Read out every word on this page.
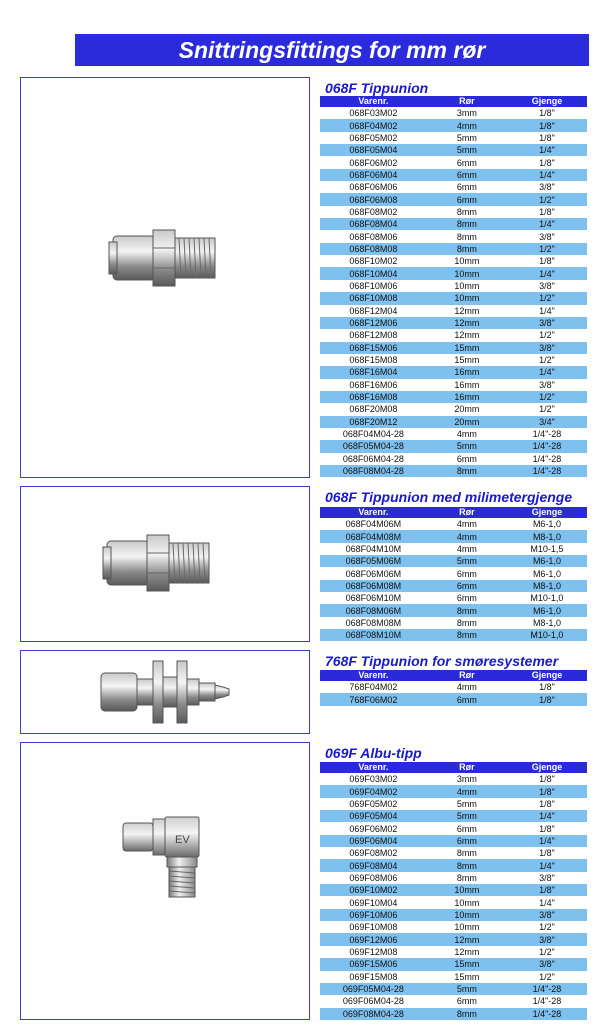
Snittringsfittings for mm rør
068F Tippunion
Varenr.	Rør	Gjenge
068F03M02	3mm	1/8"
068F04M02	4mm	1/8"
068F05M02	5mm	1/8"
068F05M04	5mm	1/4"
068F06M02	6mm	1/8"
068F06M04	6mm	1/4"
068F06M06	6mm	3/8"
068F06M08	6mm	1/2"
068F08M02	8mm	1/8"
068F08M04	8mm	1/4"
068F08M06	8mm	3/8"
068F08M08	8mm	1/2"
068F10M02	10mm	1/8"
068F10M04	10mm	1/4"
068F10M06	10mm	3/8"
068F10M08	10mm	1/2"
068F12M04	12mm	1/4"
068F12M06	12mm	3/8"
068F12M08	12mm	1/2"
068F15M06	15mm	3/8"
068F15M08	15mm	1/2"
068F16M04	16mm	1/4"
068F16M06	16mm	3/8"
068F16M08	16mm	1/2"
068F20M08	20mm	1/2"
068F20M12	20mm	3/4"
068F04M04-28	4mm	1/4"-28
068F05M04-28	5mm	1/4"-28
068F06M04-28	6mm	1/4"-28
068F08M04-28	8mm	1/4"-28
068F Tippunion med milimetergjenge
Varenr.	Rør	Gjenge
068F04M06M	4mm	M6-1,0
068F04M08M	4mm	M8-1,0
068F04M10M	4mm	M10-1,5
068F05M06M	5mm	M6-1,0
068F06M06M	6mm	M6-1,0
068F06M08M	6mm	M8-1,0
068F06M10M	6mm	M10-1,0
068F08M06M	8mm	M6-1,0
068F08M08M	8mm	M8-1,0
068F08M10M	8mm	M10-1,0
768F Tippunion for smøresystemer
Varenr.	Rør	Gjenge
768F04M02	4mm	1/8"
768F06M02	6mm	1/8"
EV
069F Albu-tipp
Varenr.	Rør	Gjenge
069F03M02	3mm	1/8"
069F04M02	4mm	1/8"
069F05M02	5mm	1/8"
069F05M04	5mm	1/4"
069F06M02	6mm	1/8"
069F06M04	6mm	1/4"
069F08M02	8mm	1/8"
069F08M04	8mm	1/4"
069F08M06	8mm	3/8"
069F10M02	10mm	1/8"
069F10M04	10mm	1/4"
069F10M06	10mm	3/8"
069F10M08	10mm	1/2"
069F12M06	12mm	3/8"
069F12M08	12mm	1/2"
069F15M06	15mm	3/8"
069F15M08	15mm	1/2"
069F05M04-28	5mm	1/4"-28
069F06M04-28	6mm	1/4"-28
069F08M04-28	8mm	1/4"-28
